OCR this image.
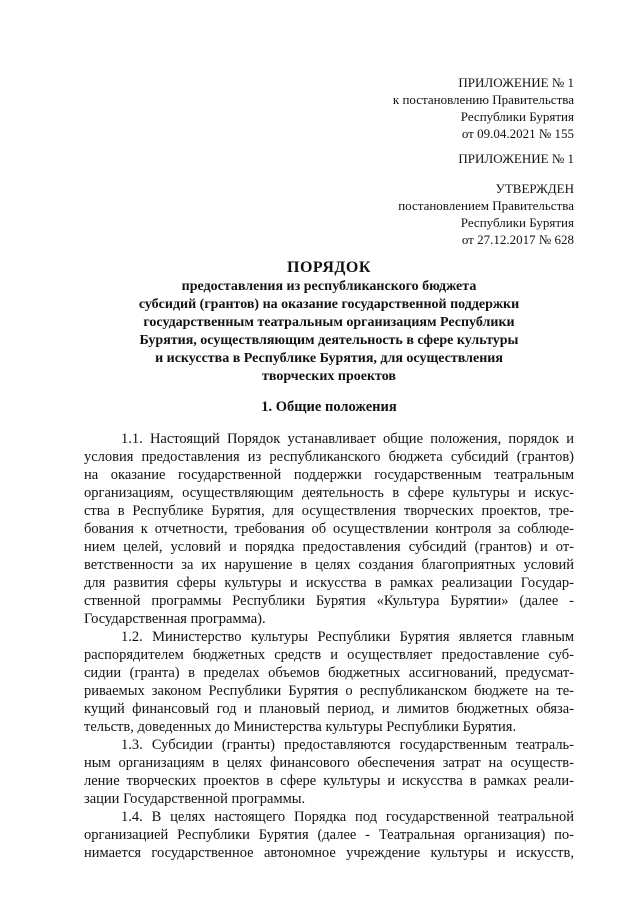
ПРИЛОЖЕНИЕ № 1
к постановлению Правительства
Республики Бурятия
от 09.04.2021 № 155
ПРИЛОЖЕНИЕ № 1
УТВЕРЖДЕН
постановлением Правительства
Республики Бурятия
от 27.12.2017 № 628
ПОРЯДОК
предоставления из республиканского бюджета
субсидий (грантов) на оказание государственной поддержки
государственным театральным организациям Республики
Бурятия, осуществляющим деятельность в сфере культуры
и искусства в Республике Бурятия, для осуществления
творческих проектов
1. Общие положения

1.1. Настоящий Порядок устанавливает общие положения, порядок и
условия предоставления из республиканского бюджета субсидий (грантов)
на оказание государственной поддержки государственным театральным
организациям, осуществляющим деятельность в сфере культуры и искус-
ства в Республике Бурятия, для осуществления творческих проектов, тре-
бования к отчетности, требования об осуществлении контроля за соблюде-
нием целей, условий и порядка предоставления субсидий (грантов) и от-
ветственности за их нарушение в целях создания благоприятных условий
для развития сферы культуры и искусства в рамках реализации Государ-
ственной программы Республики Бурятия «Культура Бурятии» (далее -
Государственная программа).

1.2. Министерство культуры Республики Бурятия является главным
распорядителем бюджетных средств и осуществляет предоставление суб-
сидии (гранта) в пределах объемов бюджетных ассигнований, предусмат-
риваемых законом Республики Бурятия о республиканском бюджете на те-
кущий финансовый год и плановый период, и лимитов бюджетных обяза-
тельств, доведенных до Министерства культуры Республики Бурятия.

1.3. Субсидии (гранты) предоставляются государственным театраль-
ным организациям в целях финансового обеспечения затрат на осуществ-
ление творческих проектов в сфере культуры и искусства в рамках реали-
зации Государственной программы.

1.4. В целях настоящего Порядка под государственной театральной
организацией Республики Бурятия (далее - Театральная организация) по-
нимается государственное автономное учреждение культуры и искусств,
